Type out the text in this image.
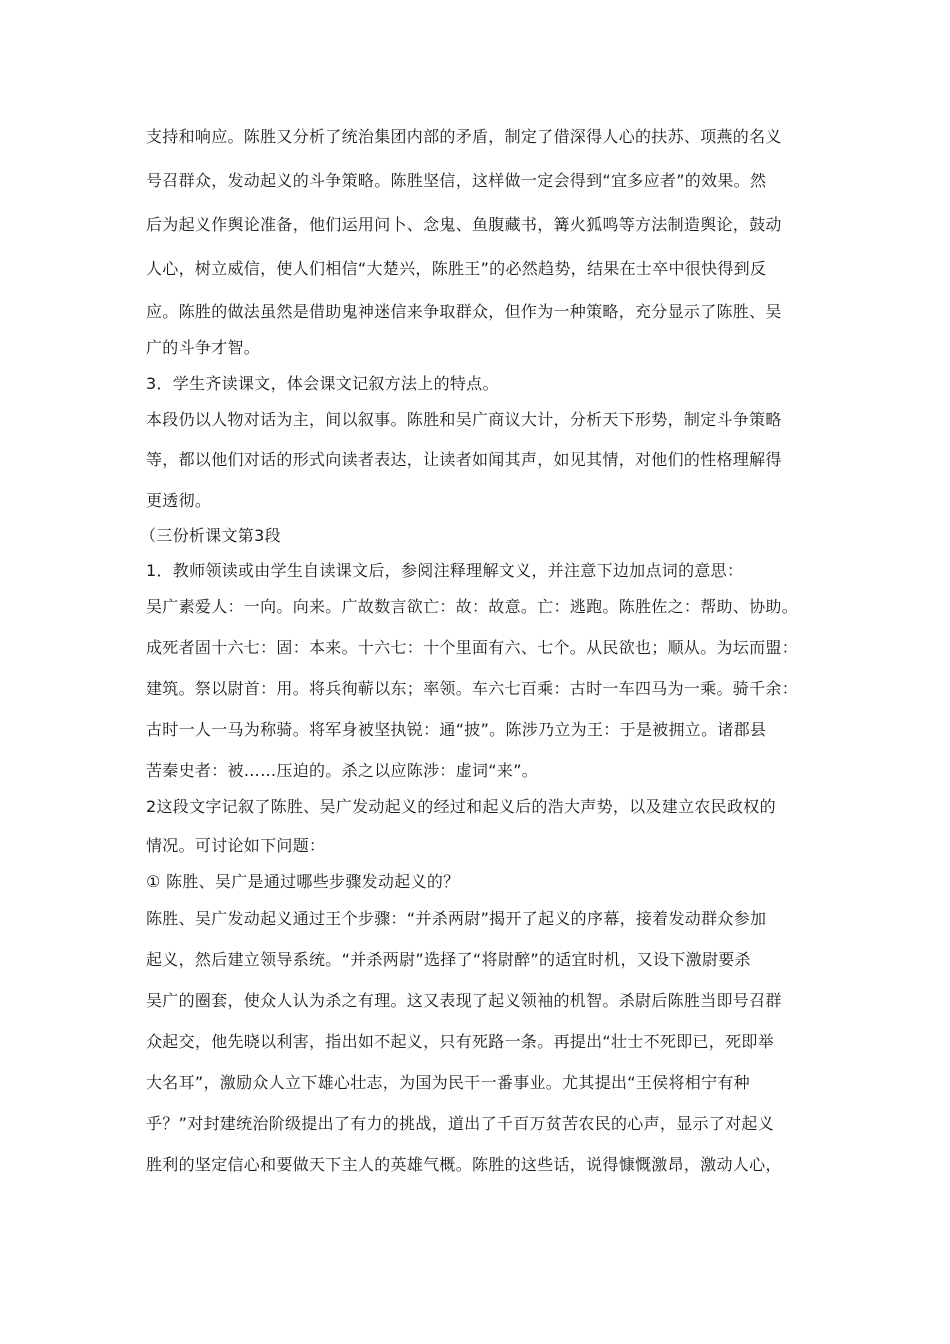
支持和响应。陈胜又分析了统治集团内部的矛盾，制定了借深得人心的扶苏、项燕的名义
号召群众，发动起义的斗争策略。陈胜坚信，这样做一定会得到“宜多应者”的效果。然
后为起义作舆论准备，他们运用问卜、念鬼、鱼腹藏书，篝火狐鸣等方法制造舆论，鼓动
人心，树立威信，使人们相信“大楚兴，陈胜王”的必然趋势，结果在士卒中很快得到反
应。陈胜的做法虽然是借助鬼神迷信来争取群众，但作为一种策略，充分显示了陈胜、吴
广的斗争才智。
3．学生齐读课文，体会课文记叙方法上的特点。
本段仍以人物对话为主，间以叙事。陈胜和吴广商议大计，分析天下形势，制定斗争策略
等，都以他们对话的形式向读者表达，让读者如闻其声，如见其情，对他们的性格理解得
更透彻。
（三份析课文第3段
1．教师领读或由学生自读课文后，参阅注释理解文义，并注意下边加点词的意思：
吴广素爱人：一向。向来。广故数言欲亡：故：故意。亡：逃跑。陈胜佐之：帮助、协助。
成死者固十六七：固：本来。十六七：十个里面有六、七个。从民欲也；顺从。为坛而盟：
建筑。祭以尉首：用。将兵徇蕲以东；率领。车六七百乘：古时一车四马为一乘。骑千余：
古时一人一马为称骑。将军身被坚执锐：通“披”。陈涉乃立为王：于是被拥立。诸郡县
苦秦史者：被……压迫的。杀之以应陈涉：虚词“来”。
2这段文字记叙了陈胜、吴广发动起义的经过和起义后的浩大声势，以及建立农民政权的
情况。可讨论如下问题：
① 陈胜、吴广是通过哪些步骤发动起义的？
陈胜、吴广发动起义通过王个步骤：“并杀两尉”揭开了起义的序幕，接着发动群众参加
起义，然后建立领导系统。“并杀两尉”选择了“将尉醉”的适宜时机，又设下激尉要杀
吴广的圈套，使众人认为杀之有理。这又表现了起义领袖的机智。杀尉后陈胜当即号召群
众起交，他先晓以利害，指出如不起义，只有死路一条。再提出“壮士不死即已，死即举
大名耳”，激励众人立下雄心壮志，为国为民干一番事业。尤其提出“王侯将相宁有种
乎？”对封建统治阶级提出了有力的挑战，道出了千百万贫苦农民的心声，显示了对起义
胜利的坚定信心和要做天下主人的英雄气概。陈胜的这些话，说得慷慨激昂，激动人心，
